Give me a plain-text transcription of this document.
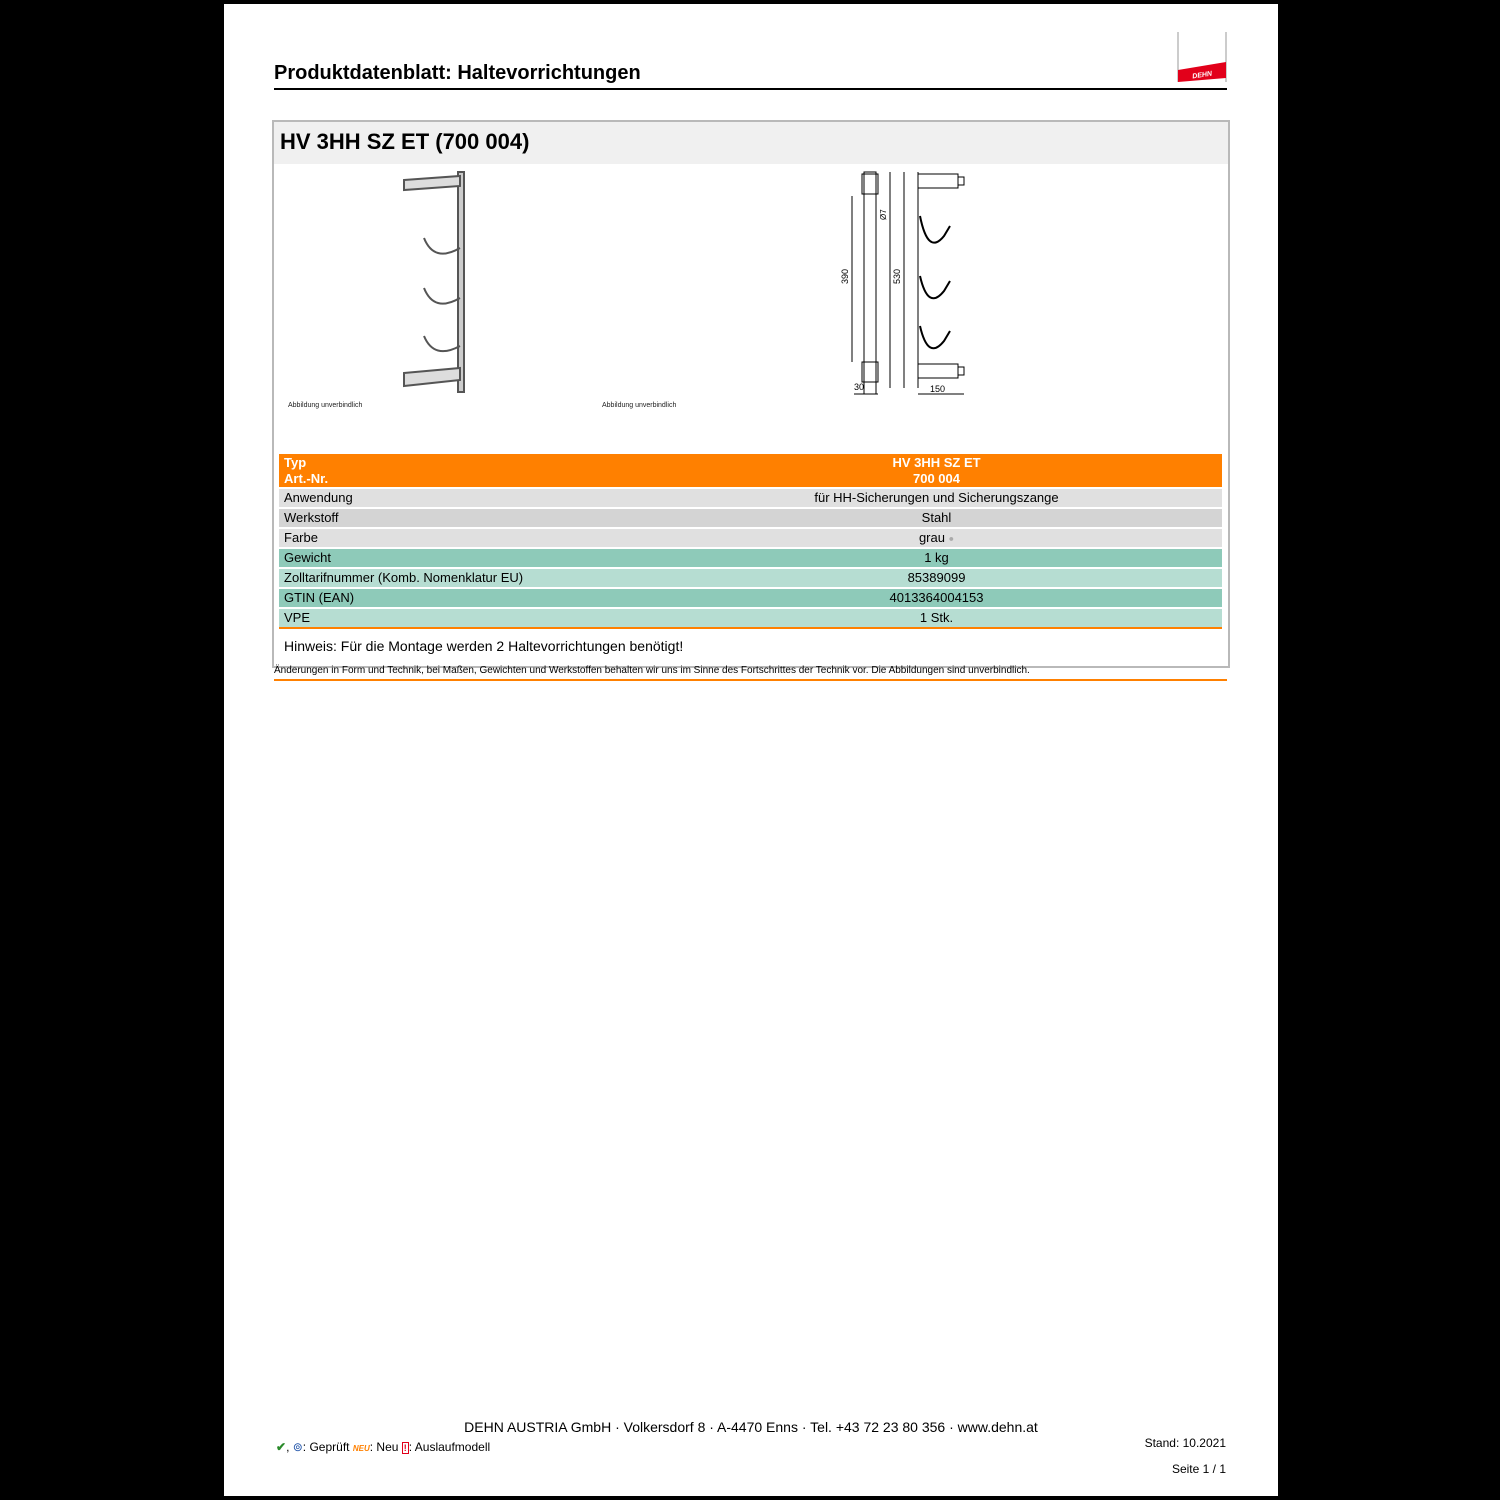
Produktdatenblatt: Haltevorrichtungen	DEHN
HV 3HH SZ ET (700 004)
Abbildung unverbindlich
390	530
Ø7
30	150
Abbildung unverbindlich
Typ	HV 3HH SZ ET
Art.-Nr.	700 004
Anwendung	für HH-Sicherungen und Sicherungszange
Werkstoff	Stahl
Farbe	grau ●
Gewicht	1 kg
Zolltarifnummer (Komb. Nomenklatur EU)	85389099
GTIN (EAN)	4013364004153
VPE	1 Stk.
Hinweis: Für die Montage werden 2 Haltevorrichtungen benötigt!
Änderungen in Form und Technik, bei Maßen, Gewichten und Werkstoffen behalten wir uns im Sinne des Fortschrittes der Technik vor. Die Abbildungen sind unverbindlich.
DEHN AUSTRIA GmbH · Volkersdorf 8 · A-4470 Enns · Tel. +43 72 23 80 356 · www.dehn.at
✔, ⊚: Geprüft NEU: Neu ! : Auslaufmodell	Stand: 10.2021
Seite 1 / 1
